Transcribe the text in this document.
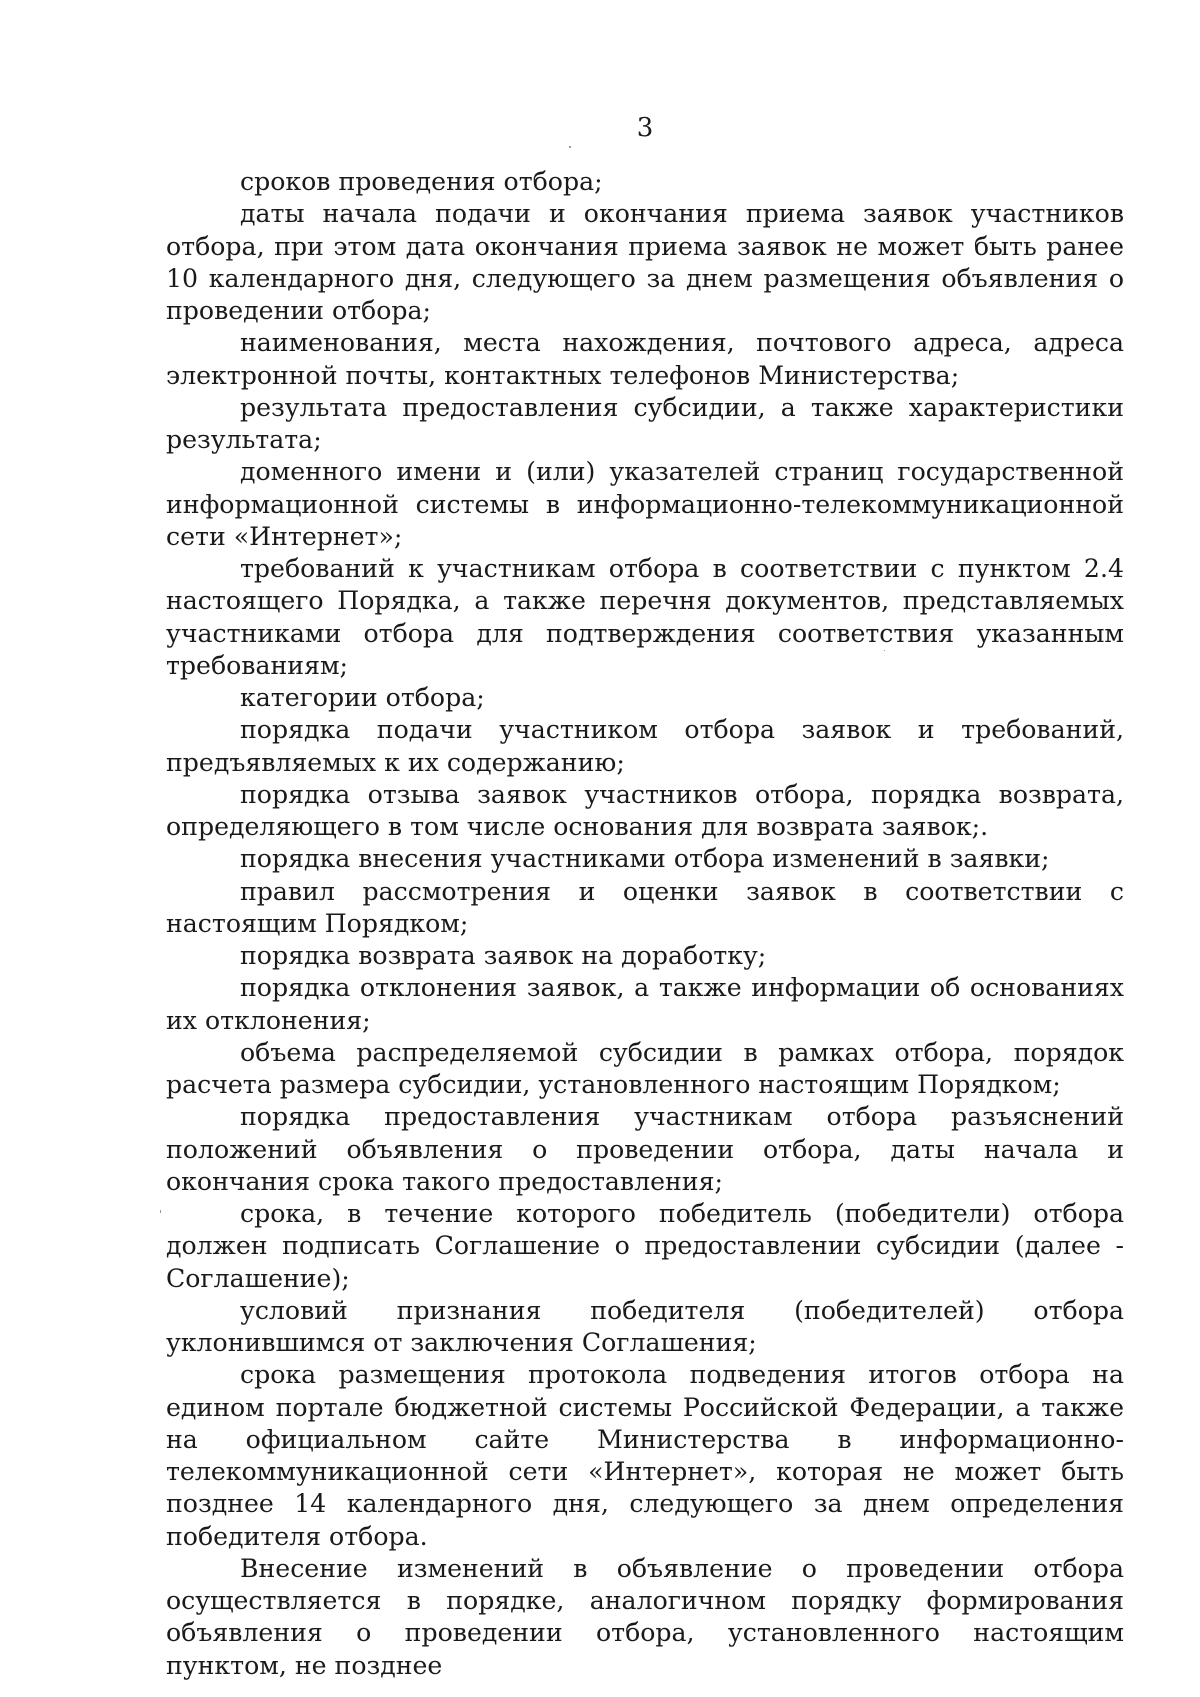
3

сроков проведения отбора;

даты начала подачи и окончания приема заявок участников отбора, при этом дата окончания приема заявок не может быть ранее 10 календарного дня, следующего за днем размещения объявления о проведении отбора;

наименования, места нахождения, почтового адреса, адреса электронной почты, контактных телефонов Министерства;

результата предоставления субсидии, а также характеристики результата;

доменного имени и (или) указателей страниц государственной информационной системы в информационно-телекоммуникационной сети «Интернет»;

требований к участникам отбора в соответствии с пунктом 2.4 настоящего Порядка, а также перечня документов, представляемых участниками отбора для подтверждения соответствия указанным требованиям;

категории отбора;

порядка подачи участником отбора заявок и требований, предъявляемых к их содержанию;

порядка отзыва заявок участников отбора, порядка возврата, определяющего в том числе основания для возврата заявок;.

порядка внесения участниками отбора изменений в заявки;

правил рассмотрения и оценки заявок в соответствии с настоящим Порядком;

порядка возврата заявок на доработку;

порядка отклонения заявок, а также информации об основаниях их отклонения;

объема распределяемой субсидии в рамках отбора, порядок расчета размера субсидии, установленного настоящим Порядком;

порядка предоставления участникам отбора разъяснений положений объявления о проведении отбора, даты начала и окончания срока такого предоставления;

срока, в течение которого победитель (победители) отбора должен подписать Соглашение о предоставлении субсидии (далее - Соглашение);

условий признания победителя (победителей) отбора уклонившимся от заключения Соглашения;

срока размещения протокола подведения итогов отбора на едином портале бюджетной системы Российской Федерации, а также на официальном сайте Министерства в информационно-телекоммуникационной сети «Интернет», которая не может быть позднее 14 календарного дня, следующего за днем определения победителя отбора.

Внесение изменений в объявление о проведении отбора осуществляется в порядке, аналогичном порядку формирования объявления о проведении отбора, установленного настоящим пунктом, не позднее
